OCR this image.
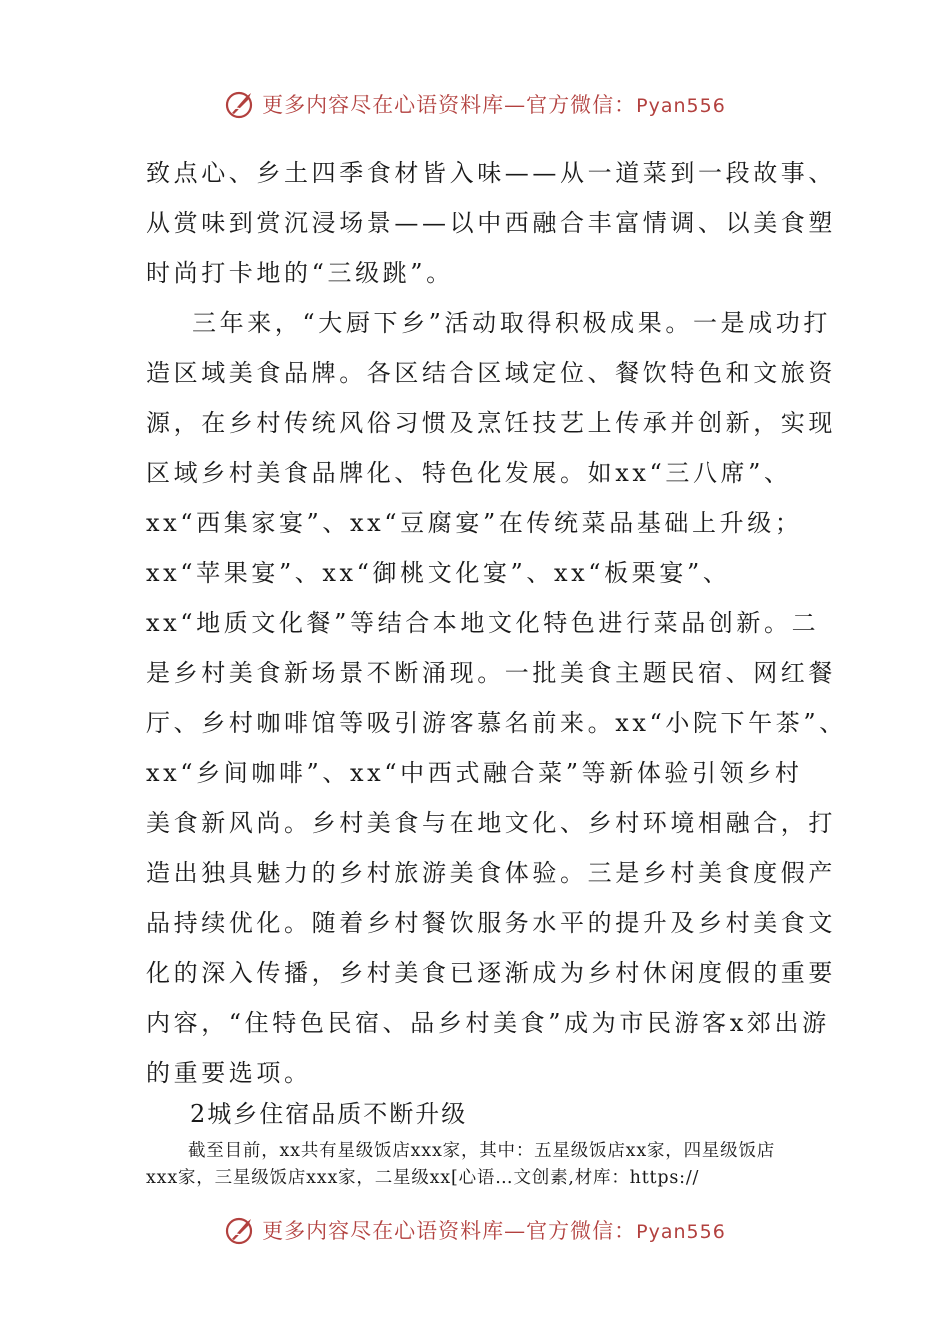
更多内容尽在心语资料库—官方微信：Pyan556
致点心、乡土四季食材皆入味——从一道菜到一段故事、
从赏味到赏沉浸场景——以中西融合丰富情调、以美食塑
时尚打卡地的“三级跳”。
三年来，“大厨下乡”活动取得积极成果。一是成功打
造区域美食品牌。各区结合区域定位、餐饮特色和文旅资
源，在乡村传统风俗习惯及烹饪技艺上传承并创新，实现
区域乡村美食品牌化、特色化发展。如xx“三八席”、
xx“西集家宴”、xx“豆腐宴”在传统菜品基础上升级；
xx“苹果宴”、xx“御桃文化宴”、xx“板栗宴”、
xx“地质文化餐”等结合本地文化特色进行菜品创新。二
是乡村美食新场景不断涌现。一批美食主题民宿、网红餐
厅、乡村咖啡馆等吸引游客慕名前来。xx“小院下午茶”、
xx“乡间咖啡”、xx“中西式融合菜”等新体验引领乡村
美食新风尚。乡村美食与在地文化、乡村环境相融合，打
造出独具魅力的乡村旅游美食体验。三是乡村美食度假产
品持续优化。随着乡村餐饮服务水平的提升及乡村美食文
化的深入传播，乡村美食已逐渐成为乡村休闲度假的重要
内容，“住特色民宿、品乡村美食”成为市民游客x郊出游
的重要选项。
2城乡住宿品质不断升级
截至目前，xx共有星级饭店xxx家，其中：五星级饭店xx家，四星级饭店
xxx家，三星级饭店xxx家，二星级xx[心语…文创素,材库：https://
更多内容尽在心语资料库—官方微信：Pyan556
